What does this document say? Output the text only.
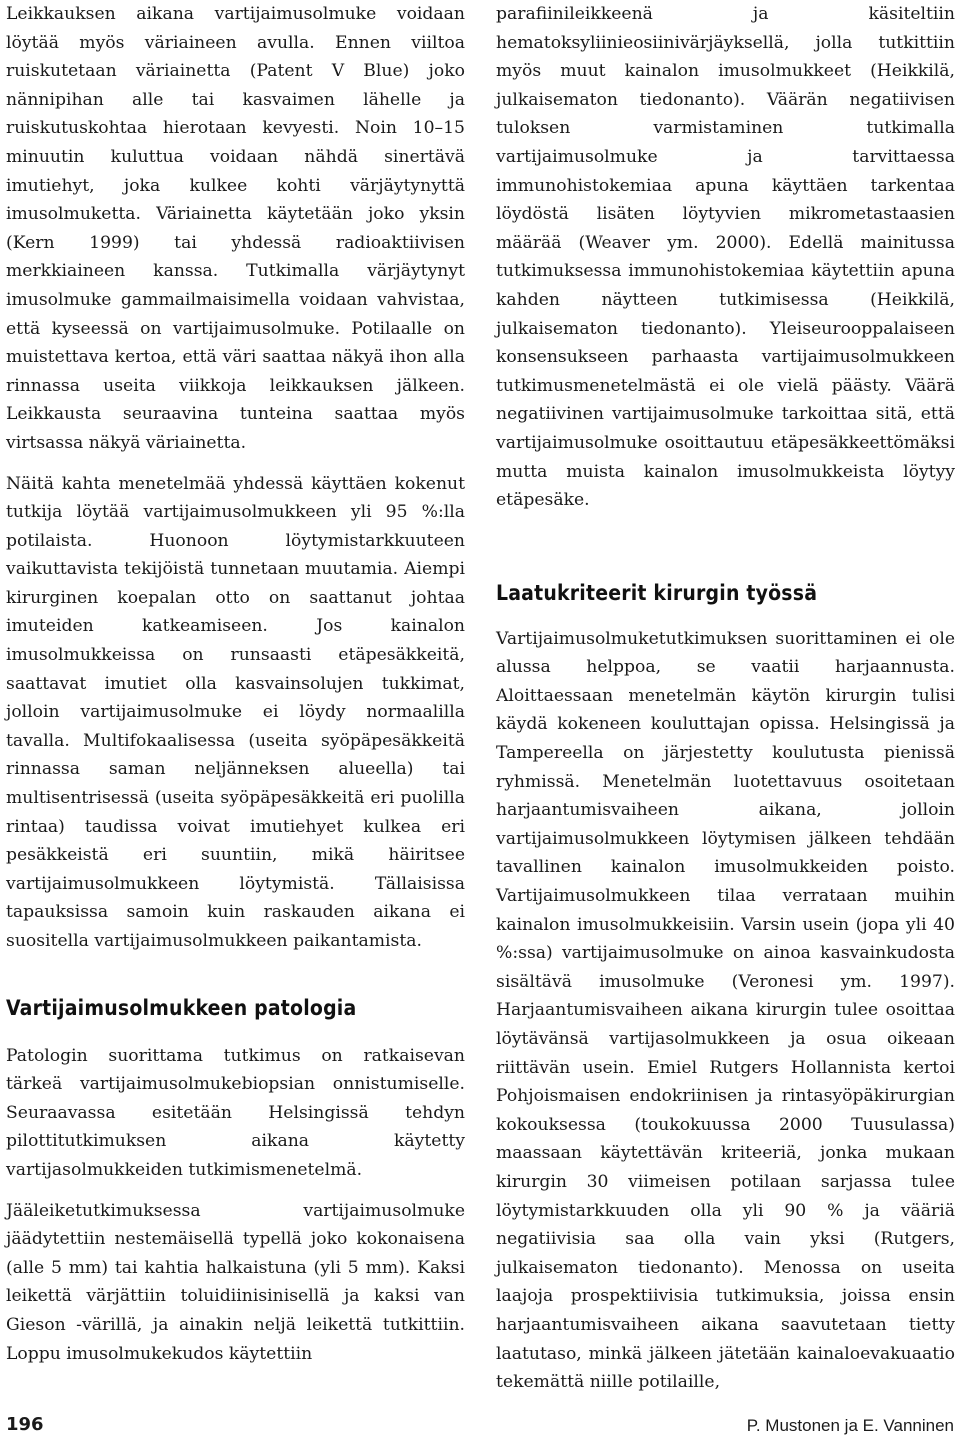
Leikkauksen aikana vartijaimusolmuke voidaan löytää myös väriaineen avulla. Ennen viiltoa ruiskutetaan väriainetta (Patent V Blue) joko nännipihan alle tai kasvaimen lähelle ja ruiskutuskohtaa hierotaan kevyesti. Noin 10–15 minuutin kuluttua voidaan nähdä sinertävä imutiehyt, joka kulkee kohti värjäytynyttä imusolmuketta. Väriainetta käytetään joko yksin (Kern 1999) tai yhdessä radioaktiivisen merkkiaineen kanssa. Tutkimalla värjäytynyt imusolmuke gammailmaisimella voidaan vahvistaa, että kyseessä on vartijaimusolmuke. Potilaalle on muistettava kertoa, että väri saattaa näkyä ihon alla rinnassa useita viikkoja leikkauksen jälkeen. Leikkausta seuraavina tunteina saattaa myös virtsassa näkyä väriainetta.

Näitä kahta menetelmää yhdessä käyttäen kokenut tutkija löytää vartijaimusolmukkeen yli 95 %:lla potilaista. Huonoon löytymistarkkuuteen vaikuttavista tekijöistä tunnetaan muutamia. Aiempi kirurginen koepalan otto on saattanut johtaa imuteiden katkeamiseen. Jos kainalon imusolmukkeissa on runsaasti etäpesäkkeitä, saattavat imutiet olla kasvainsolujen tukkimat, jolloin vartijaimusolmuke ei löydy normaalilla tavalla. Multifokaalisessa (useita syöpäpesäkkeitä rinnassa saman neljänneksen alueella) tai multisentrisessä (useita syöpäpesäkkeitä eri puolilla rintaa) taudissa voivat imutiehyet kulkea eri pesäkkeistä eri suuntiin, mikä häiritsee vartijaimusolmukkeen löytymistä. Tällaisissa tapauksissa samoin kuin raskauden aikana ei suositella vartijaimusolmukkeen paikantamista.

Vartijaimusolmukkeen patologia

Patologin suorittama tutkimus on ratkaisevan tärkeä vartijaimusolmukebiopsian onnistumiselle. Seuraavassa esitetään Helsingissä tehdyn pilottitutkimuksen aikana käytetty vartijasolmukkeiden tutkimismenetelmä.

Jääleiketutkimuksessa vartijaimusolmuke jäädytettiin nestemäisellä typellä joko kokonaisena (alle 5 mm) tai kahtia halkaistuna (yli 5 mm). Kaksi leikettä värjättiin toluidiinisinisellä ja kaksi van Gieson -värillä, ja ainakin neljä leikettä tutkittiin. Loppu imusolmukekudos käytettiin

parafiinileikkeenä ja käsiteltiin hematoksyliinieosiinivärjäyksellä, jolla tutkittiin myös muut kainalon imusolmukkeet (Heikkilä, julkaisematon tiedonanto). Väärän negatiivisen tuloksen varmistaminen tutkimalla vartijaimusolmuke ja tarvittaessa immunohistokemiaa apuna käyttäen tarkentaa löydöstä lisäten löytyvien mikrometastaasien määrää (Weaver ym. 2000). Edellä mainitussa tutkimuksessa immunohistokemiaa käytettiin apuna kahden näytteen tutkimisessa (Heikkilä, julkaisematon tiedonanto). Yleiseurooppalaiseen konsensukseen parhaasta vartijaimusolmukkeen tutkimusmenetelmästä ei ole vielä päästy. Väärä negatiivinen vartijaimusolmuke tarkoittaa sitä, että vartijaimusolmuke osoittautuu etäpesäkkeettömäksi mutta muista kainalon imusolmukkeista löytyy etäpesäke.

Laatukriteerit kirurgin työssä

Vartijaimusolmuketutkimuksen suorittaminen ei ole alussa helppoa, se vaatii harjaannusta. Aloittaessaan menetelmän käytön kirurgin tulisi käydä kokeneen kouluttajan opissa. Helsingissä ja Tampereella on järjestetty koulutusta pienissä ryhmissä. Menetelmän luotettavuus osoitetaan harjaantumisvaiheen aikana, jolloin vartijaimusolmukkeen löytymisen jälkeen tehdään tavallinen kainalon imusolmukkeiden poisto. Vartijaimusolmukkeen tilaa verrataan muihin kainalon imusolmukkeisiin. Varsin usein (jopa yli 40 %:ssa) vartijaimusolmuke on ainoa kasvainkudosta sisältävä imusolmuke (Veronesi ym. 1997). Harjaantumisvaiheen aikana kirurgin tulee osoittaa löytävänsä vartijasolmukkeen ja osua oikeaan riittävän usein. Emiel Rutgers Hollannista kertoi Pohjoismaisen endokriinisen ja rintasyöpäkirurgian kokouksessa (toukokuussa 2000 Tuusulassa) maassaan käytettävän kriteeriä, jonka mukaan kirurgin 30 viimeisen potilaan sarjassa tulee löytymistarkkuuden olla yli 90 % ja vääriä negatiivisia saa olla vain yksi (Rutgers, julkaisematon tiedonanto). Menossa on useita laajoja prospektiivisia tutkimuksia, joissa ensin harjaantumisvaiheen aikana saavutetaan tietty laatutaso, minkä jälkeen jätetään kainaloevakuaatio tekemättä niille potilaille,

196	P. Mustonen ja E. Vanninen
